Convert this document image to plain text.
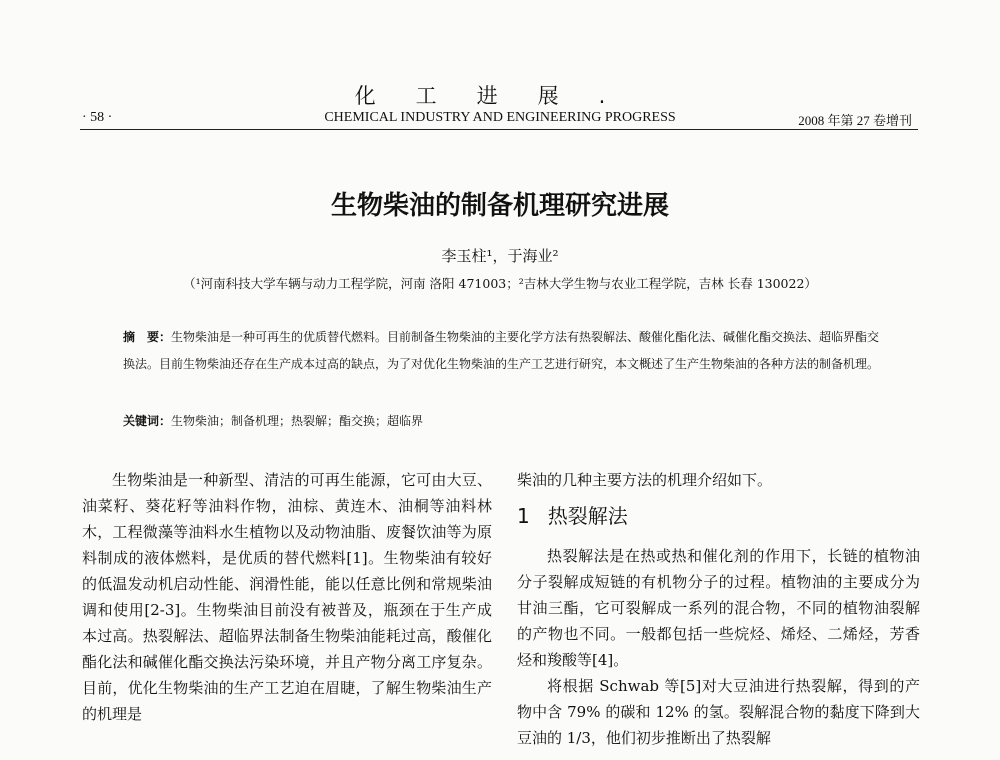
化工进展.
· 58 ·	CHEMICAL INDUSTRY AND ENGINEERING PROGRESS	2008 年第 27 卷增刊
生物柴油的制备机理研究进展
李玉柱¹，于海业²
（¹河南科技大学车辆与动力工程学院，河南 洛阳 471003；²吉林大学生物与农业工程学院，吉林 长春 130022）
摘　要：生物柴油是一种可再生的优质替代燃料。目前制备生物柴油的主要化学方法有热裂解法、酸催化酯化法、碱催化酯交换法、超临界酯交换法。目前生物柴油还存在生产成本过高的缺点，为了对优化生物柴油的生产工艺进行研究，本文概述了生产生物柴油的各种方法的制备机理。
关键词：生物柴油；制备机理；热裂解；酯交换；超临界

生物柴油是一种新型、清洁的可再生能源，它可由大豆、油菜籽、葵花籽等油料作物，油棕、黄连木、油桐等油料林木，工程微藻等油料水生植物以及动物油脂、废餐饮油等为原料制成的液体燃料，是优质的替代燃料[1]。生物柴油有较好的低温发动机启动性能、润滑性能，能以任意比例和常规柴油调和使用[2-3]。生物柴油目前没有被普及，瓶颈在于生产成本过高。热裂解法、超临界法制备生物柴油能耗过高，酸催化酯化法和碱催化酯交换法污染环境，并且产物分离工序复杂。目前，优化生物柴油的生产工艺迫在眉睫，了解生物柴油生产的机理是

柴油的几种主要方法的机理介绍如下。

1 热裂解法

热裂解法是在热或热和催化剂的作用下，长链的植物油分子裂解成短链的有机物分子的过程。植物油的主要成分为甘油三酯，它可裂解成一系列的混合物，不同的植物油裂解的产物也不同。一般都包括一些烷烃、烯烃、二烯烃，芳香烃和羧酸等[4]。

将根据 Schwab 等[5]对大豆油进行热裂解，得到的产物中含 79% 的碳和 12% 的氢。裂解混合物的黏度下降到大豆油的 1/3，他们初步推断出了热裂解
